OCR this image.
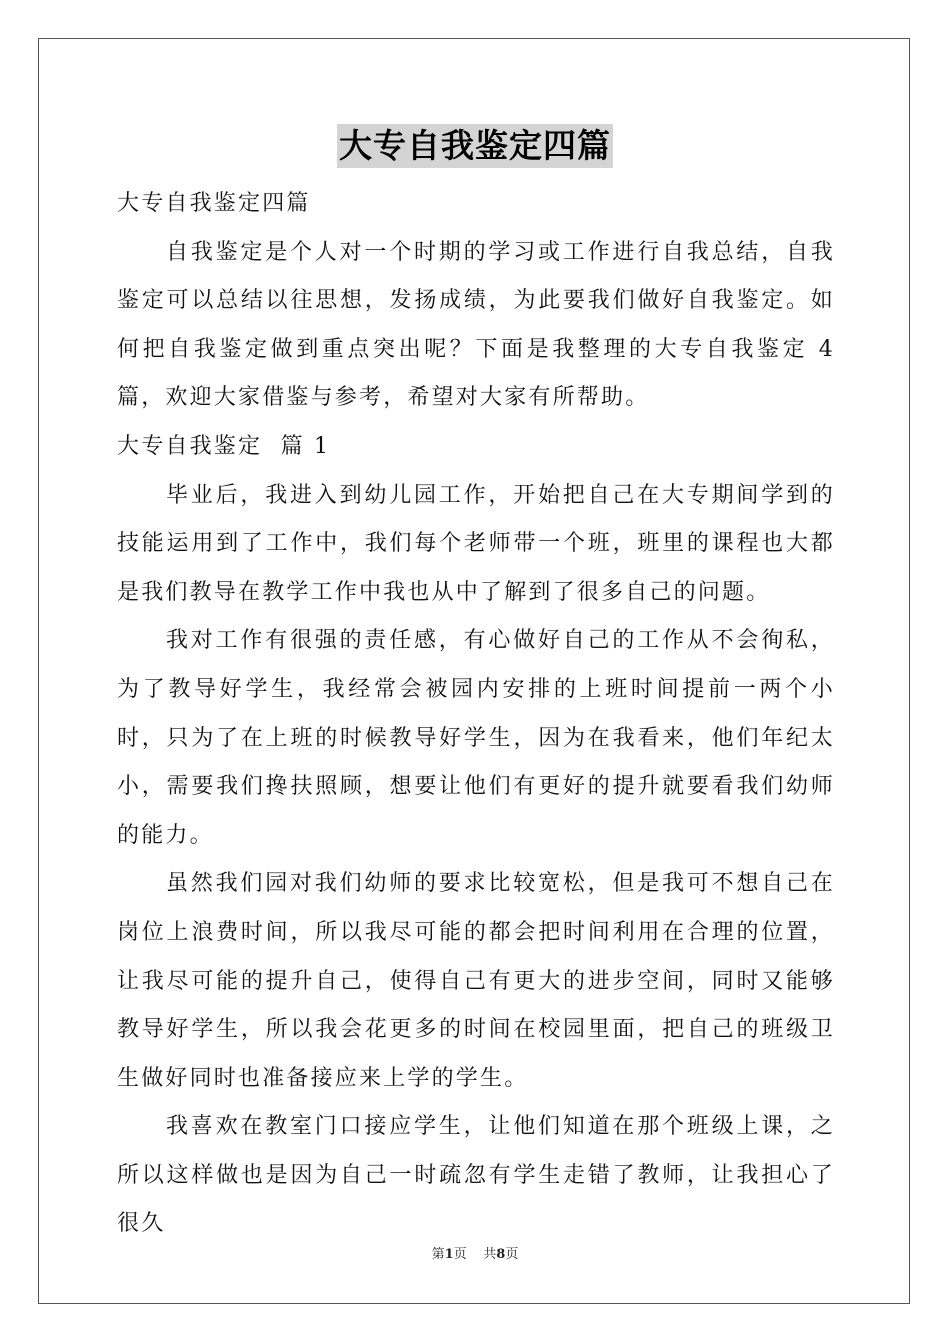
大专自我鉴定四篇

大专自我鉴定四篇

自我鉴定是个人对一个时期的学习或工作进行自我总结，自我鉴定可以总结以往思想，发扬成绩，为此要我们做好自我鉴定。如何把自我鉴定做到重点突出呢？下面是我整理的大专自我鉴定 4 篇，欢迎大家借鉴与参考，希望对大家有所帮助。

大专自我鉴定  篇 1

毕业后，我进入到幼儿园工作，开始把自己在大专期间学到的技能运用到了工作中，我们每个老师带一个班，班里的课程也大都是我们教导在教学工作中我也从中了解到了很多自己的问题。

我对工作有很强的责任感，有心做好自己的工作从不会徇私，为了教导好学生，我经常会被园内安排的上班时间提前一两个小时，只为了在上班的时候教导好学生，因为在我看来，他们年纪太小，需要我们搀扶照顾，想要让他们有更好的提升就要看我们幼师的能力。

虽然我们园对我们幼师的要求比较宽松，但是我可不想自己在岗位上浪费时间，所以我尽可能的都会把时间利用在合理的位置，让我尽可能的提升自己，使得自己有更大的进步空间，同时又能够教导好学生，所以我会花更多的时间在校园里面，把自己的班级卫生做好同时也准备接应来上学的学生。

我喜欢在教室门口接应学生，让他们知道在那个班级上课，之所以这样做也是因为自己一时疏忽有学生走错了教师，让我担心了很久

第1页 共8页
